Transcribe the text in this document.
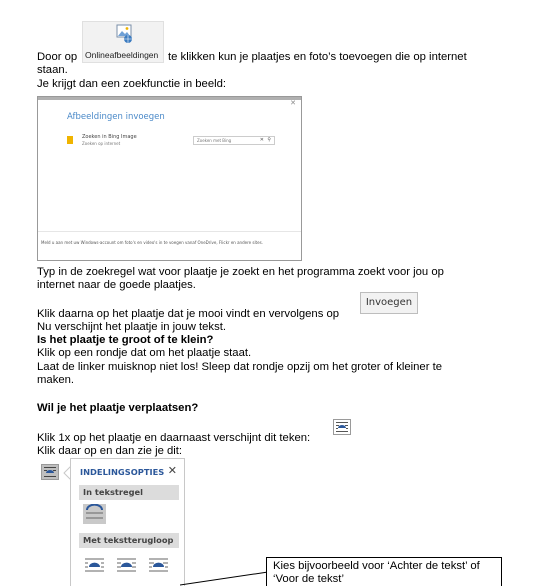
Onlineafbeeldingen
Door op	te klikken kun je plaatjes en foto’s toevoegen die op internet
staan.
Je krijgt dan een zoekfunctie in beeld:
✕
Afbeeldingen invoegen
Zoeken in Bing Image
Zoeken op internet
Zoeken met Bing	✕ ⚲
Meld u aan met uw Windows-account om foto's en video's in te voegen vanaf OneDrive, Flickr en andere sites.
Typ in de zoekregel wat voor plaatje je zoekt en het programma zoekt voor jou op
internet naar de goede plaatjes.
Klik daarna op het plaatje dat je mooi vindt en vervolgens op
Invoegen
Nu verschijnt het plaatje in jouw tekst.
Is het plaatje te groot of te klein?
Klik op een rondje dat om het plaatje staat.
Laat de linker muisknop niet los! Sleep dat rondje opzij om het groter of kleiner te
maken.
Wil je het plaatje verplaatsen?
Klik 1x op het plaatje en daarnaast verschijnt dit teken:
Klik daar op en dan zie je dit:
INDELINGSOPTIES ✕
In tekstregel
Met tekstterugloop
Kies bijvoorbeeld voor ‘Achter de tekst’ of
‘Voor de tekst’
